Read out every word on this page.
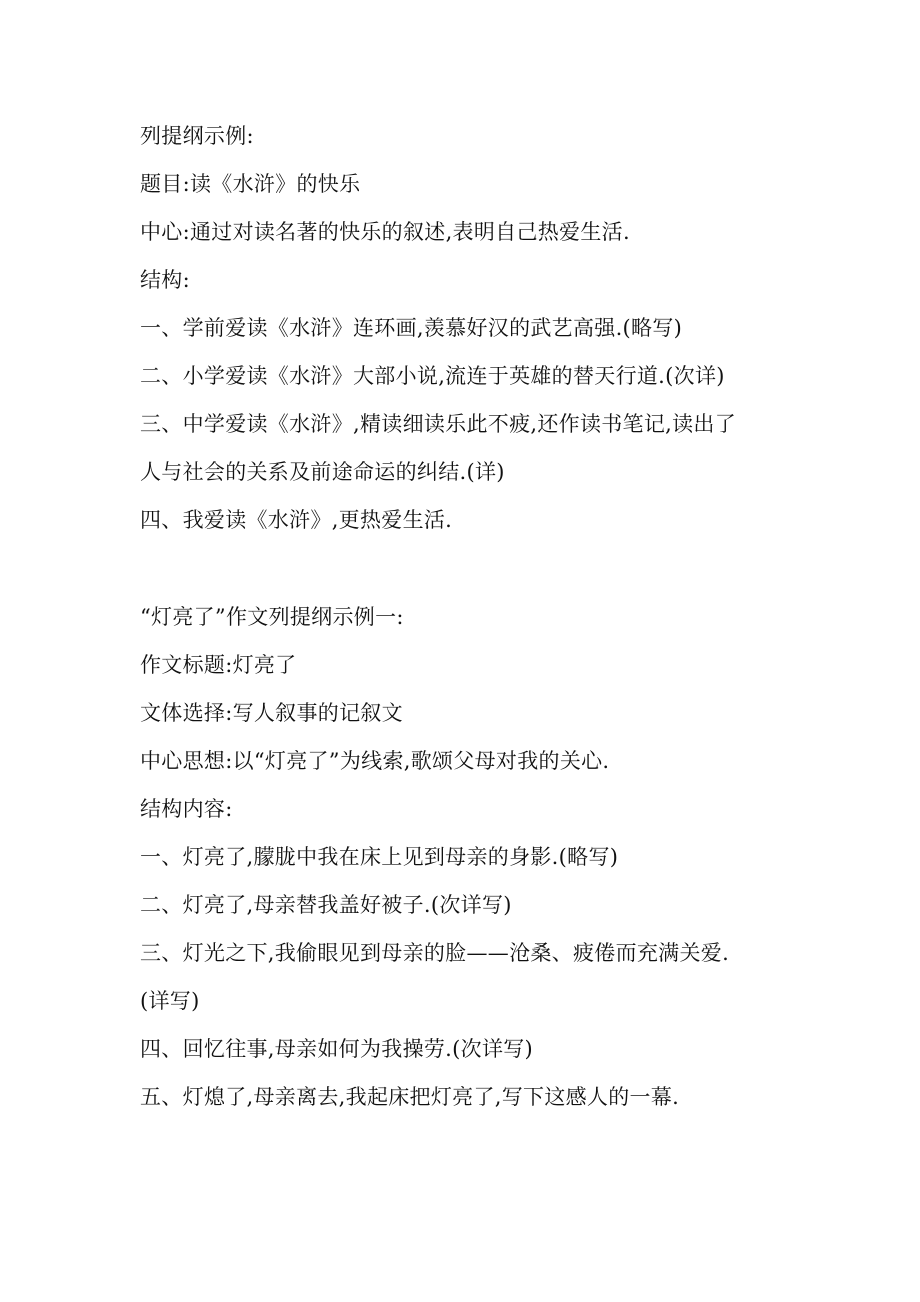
列提纲示例:
题目:读《水浒》的快乐
中心:通过对读名著的快乐的叙述,表明自己热爱生活.
结构:
一、学前爱读《水浒》连环画,羡慕好汉的武艺高强.(略写)
二、小学爱读《水浒》大部小说,流连于英雄的替天行道.(次详)
三、中学爱读《水浒》,精读细读乐此不疲,还作读书笔记,读出了
人与社会的关系及前途命运的纠结.(详)
四、我爱读《水浒》,更热爱生活.
“灯亮了”作文列提纲示例一:
作文标题:灯亮了
文体选择:写人叙事的记叙文
中心思想:以“灯亮了”为线索,歌颂父母对我的关心.
结构内容:
一、灯亮了,朦胧中我在床上见到母亲的身影.(略写)
二、灯亮了,母亲替我盖好被子.(次详写)
三、灯光之下,我偷眼见到母亲的脸——沧桑、疲倦而充满关爱.
(详写)
四、回忆往事,母亲如何为我操劳.(次详写)
五、灯熄了,母亲离去,我起床把灯亮了,写下这感人的一幕.
